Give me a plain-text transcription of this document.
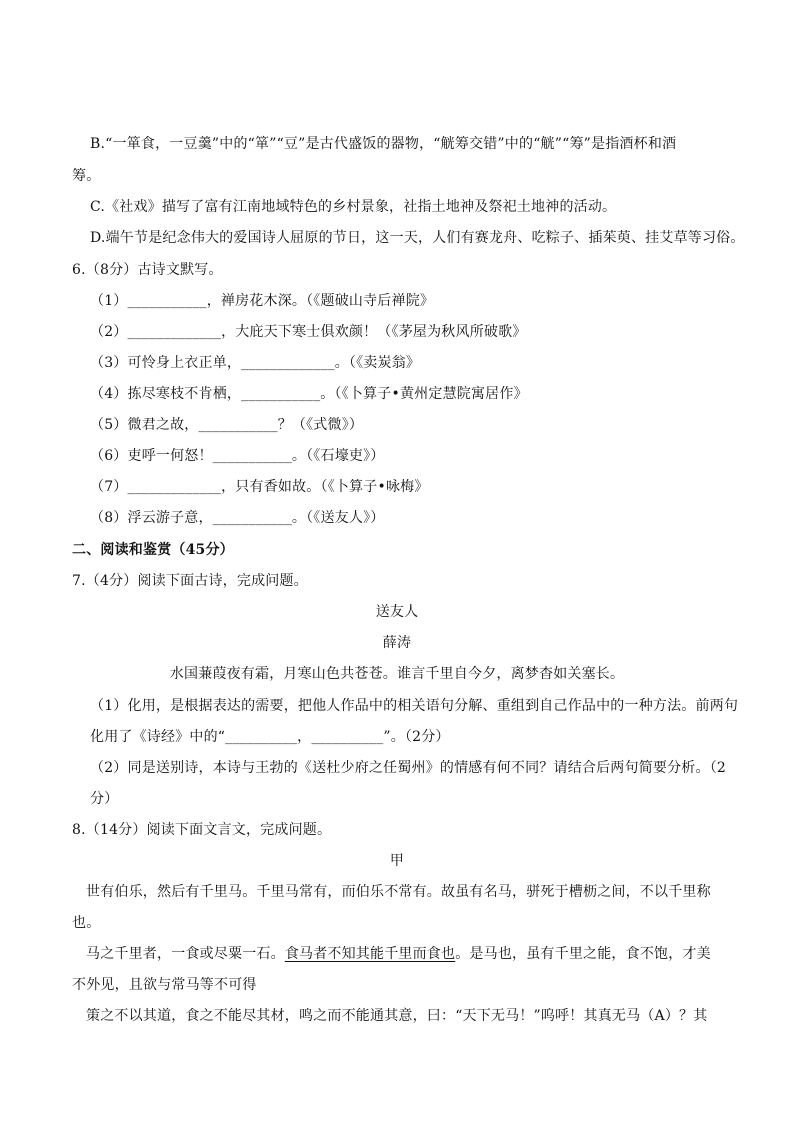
B.“一箪食，一豆羹”中的“箪”“豆”是古代盛饭的器物，“觥筹交错”中的“觥”“筹”是指酒杯和酒
筹。
C.《社戏》描写了富有江南地域特色的乡村景象，社指土地神及祭祀土地神的活动。
D.端午节是纪念伟大的爱国诗人屈原的节日，这一天，人们有赛龙舟、吃粽子、插茱萸、挂艾草等习俗。
6.（8分）古诗文默写。
（1）___________，禅房花木深。（《题破山寺后禅院》
（2）_____________，大庇天下寒士俱欢颜！（《茅屋为秋风所破歌》
（3）可怜身上衣正单，_____________。（《卖炭翁》
（4）拣尽寒枝不肯栖，___________。（《卜算子•黄州定慧院寓居作》
（5）微君之故，___________？（《式微》）
（6）吏呼一何怒！___________。（《石壕吏》）
（7）_____________，只有香如故。（《卜算子•咏梅》
（8）浮云游子意，___________。（《送友人》）
二、阅读和鉴赏（45分）
7.（4分）阅读下面古诗，完成问题。
送友人
薛涛
水国蒹葭夜有霜，月寒山色共苍苍。谁言千里自今夕，离梦杳如关塞长。
（1）化用，是根据表达的需要，把他人作品中的相关语句分解、重组到自己作品中的一种方法。前两句
化用了《诗经》中的“__________，__________”。（2分）
（2）同是送别诗，本诗与王勃的《送杜少府之任蜀州》的情感有何不同？请结合后两句简要分析。（2
分）
8.（14分）阅读下面文言文，完成问题。
甲
世有伯乐，然后有千里马。千里马常有，而伯乐不常有。故虽有名马，骈死于槽枥之间，不以千里称
也。
马之千里者，一食或尽粟一石。食马者不知其能千里而食也。是马也，虽有千里之能，食不饱，才美
不外见，且欲与常马等不可得
策之不以其道，食之不能尽其材，鸣之而不能通其意，曰：“天下无马！”呜呼！其真无马（A）？其
